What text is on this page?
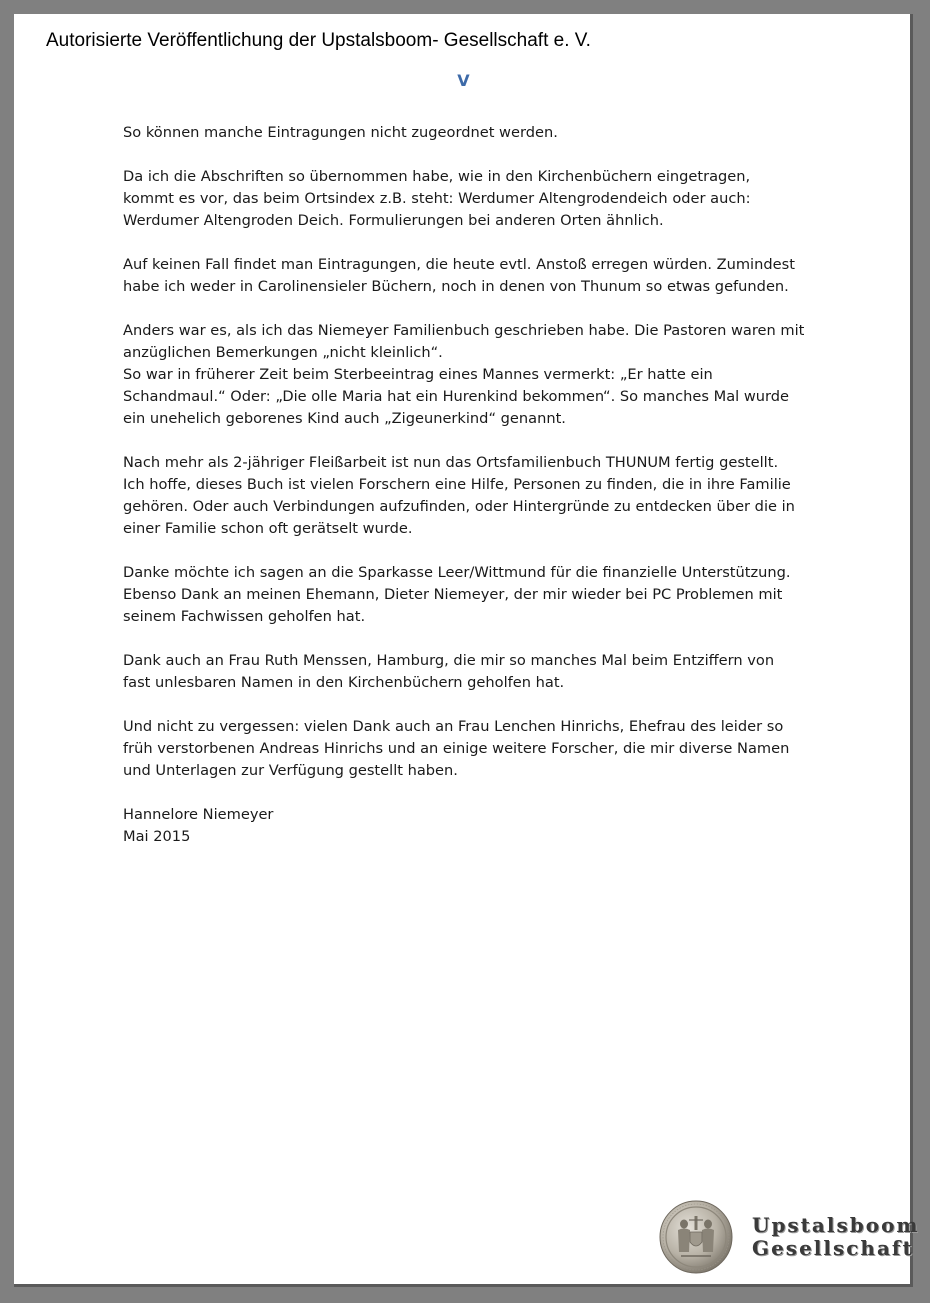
Autorisierte Veröffentlichung der Upstalsboom- Gesellschaft e. V.
V

So können manche Eintragungen nicht zugeordnet werden.

Da ich die Abschriften so übernommen habe, wie in den Kirchenbüchern eingetragen,
kommt es vor, das beim Ortsindex z.B. steht: Werdumer Altengrodendeich oder auch:
Werdumer Altengroden Deich. Formulierungen bei anderen Orten ähnlich.

Auf keinen Fall findet man Eintragungen, die heute evtl. Anstoß erregen würden. Zumindest
habe ich weder in Carolinensieler Büchern, noch in denen von Thunum so etwas gefunden.

Anders war es, als ich das Niemeyer Familienbuch geschrieben habe. Die Pastoren waren mit
anzüglichen Bemerkungen „nicht kleinlich“.
So war in früherer Zeit beim Sterbeeintrag eines Mannes vermerkt: „Er hatte ein
Schandmaul.“ Oder: „Die olle Maria hat ein Hurenkind bekommen“. So manches Mal wurde
ein unehelich geborenes Kind auch „Zigeunerkind“ genannt.

Nach mehr als 2-jähriger Fleißarbeit ist nun das Ortsfamilienbuch THUNUM fertig gestellt.
Ich hoffe, dieses Buch ist vielen Forschern eine Hilfe, Personen zu finden, die in ihre Familie
gehören. Oder auch Verbindungen aufzufinden, oder Hintergründe zu entdecken über die in
einer Familie schon oft gerätselt wurde.

Danke möchte ich sagen an die Sparkasse Leer/Wittmund für die finanzielle Unterstützung.
Ebenso Dank an meinen Ehemann, Dieter Niemeyer, der mir wieder bei PC Problemen mit
seinem Fachwissen geholfen hat.

Dank auch an Frau Ruth Menssen, Hamburg, die mir so manches Mal beim Entziffern von
fast unlesbaren Namen in den Kirchenbüchern geholfen hat.

Und nicht zu vergessen: vielen Dank auch an Frau Lenchen Hinrichs, Ehefrau des leider so
früh verstorbenen Andreas Hinrichs und an einige weitere Forscher, die mir diverse Namen
und Unterlagen zur Verfügung gestellt haben.

Hannelore Niemeyer
Mai 2015
Upstalsboom
Gesellschaft
